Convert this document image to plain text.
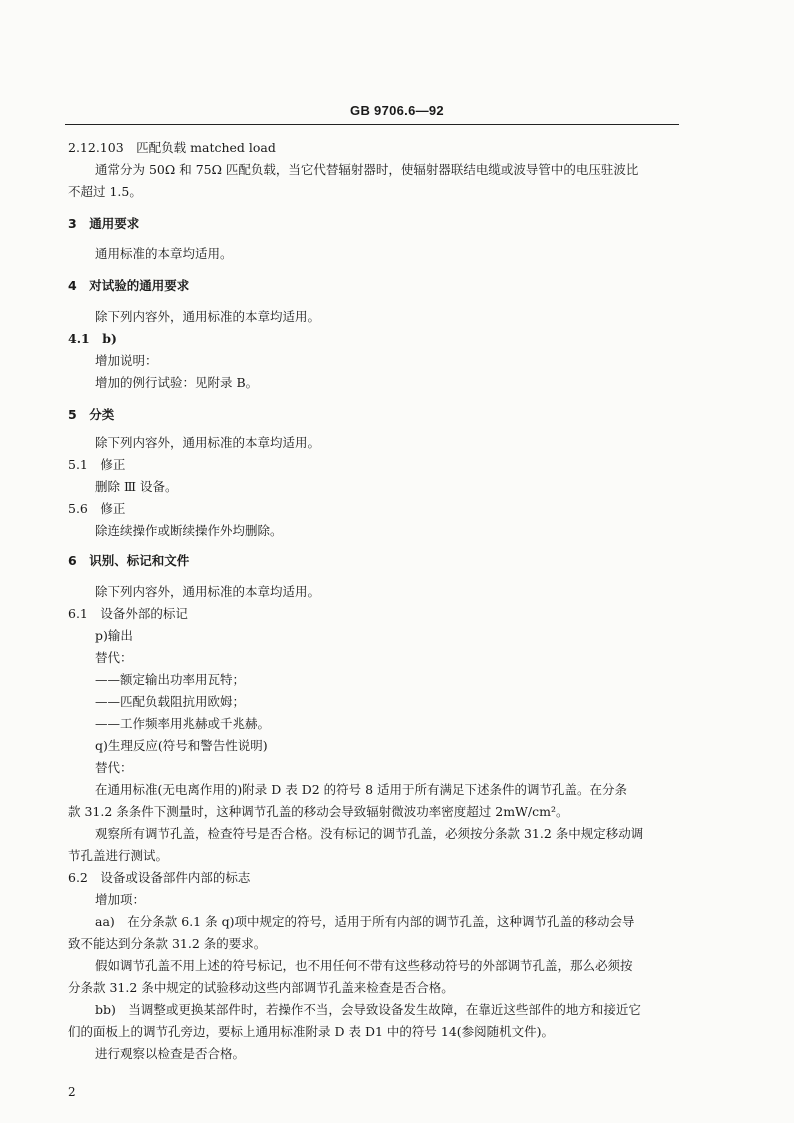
GB 9706.6—92
2.12.103　匹配负载 matched load
通常分为 50Ω 和 75Ω 匹配负载，当它代替辐射器时，使辐射器联结电缆或波导管中的电压驻波比
不超过 1.5。
3　通用要求
通用标准的本章均适用。
4　对试验的通用要求
除下列内容外，通用标准的本章均适用。
4.1　b)
增加说明：
增加的例行试验：见附录 B。
5　分类
除下列内容外，通用标准的本章均适用。
5.1　修正
删除 Ⅲ 设备。
5.6　修正
除连续操作或断续操作外均删除。
6　识别、标记和文件
除下列内容外，通用标准的本章均适用。
6.1　设备外部的标记
p)输出
替代：
——额定输出功率用瓦特；
——匹配负载阻抗用欧姆；
——工作频率用兆赫或千兆赫。
q)生理反应(符号和警告性说明)
替代：
在通用标准(无电离作用的)附录 D 表 D2 的符号 8 适用于所有满足下述条件的调节孔盖。在分条
款 31.2 条条件下测量时，这种调节孔盖的移动会导致辐射微波功率密度超过 2mW/cm²。
观察所有调节孔盖，检查符号是否合格。没有标记的调节孔盖，必须按分条款 31.2 条中规定移动调
节孔盖进行测试。
6.2　设备或设备部件内部的标志
增加项：
aa)　在分条款 6.1 条 q)项中规定的符号，适用于所有内部的调节孔盖，这种调节孔盖的移动会导
致不能达到分条款 31.2 条的要求。
假如调节孔盖不用上述的符号标记，也不用任何不带有这些移动符号的外部调节孔盖，那么必须按
分条款 31.2 条中规定的试验移动这些内部调节孔盖来检查是否合格。
bb)　当调整或更换某部件时，若操作不当，会导致设备发生故障，在靠近这些部件的地方和接近它
们的面板上的调节孔旁边，要标上通用标准附录 D 表 D1 中的符号 14(参阅随机文件)。
进行观察以检查是否合格。
2
